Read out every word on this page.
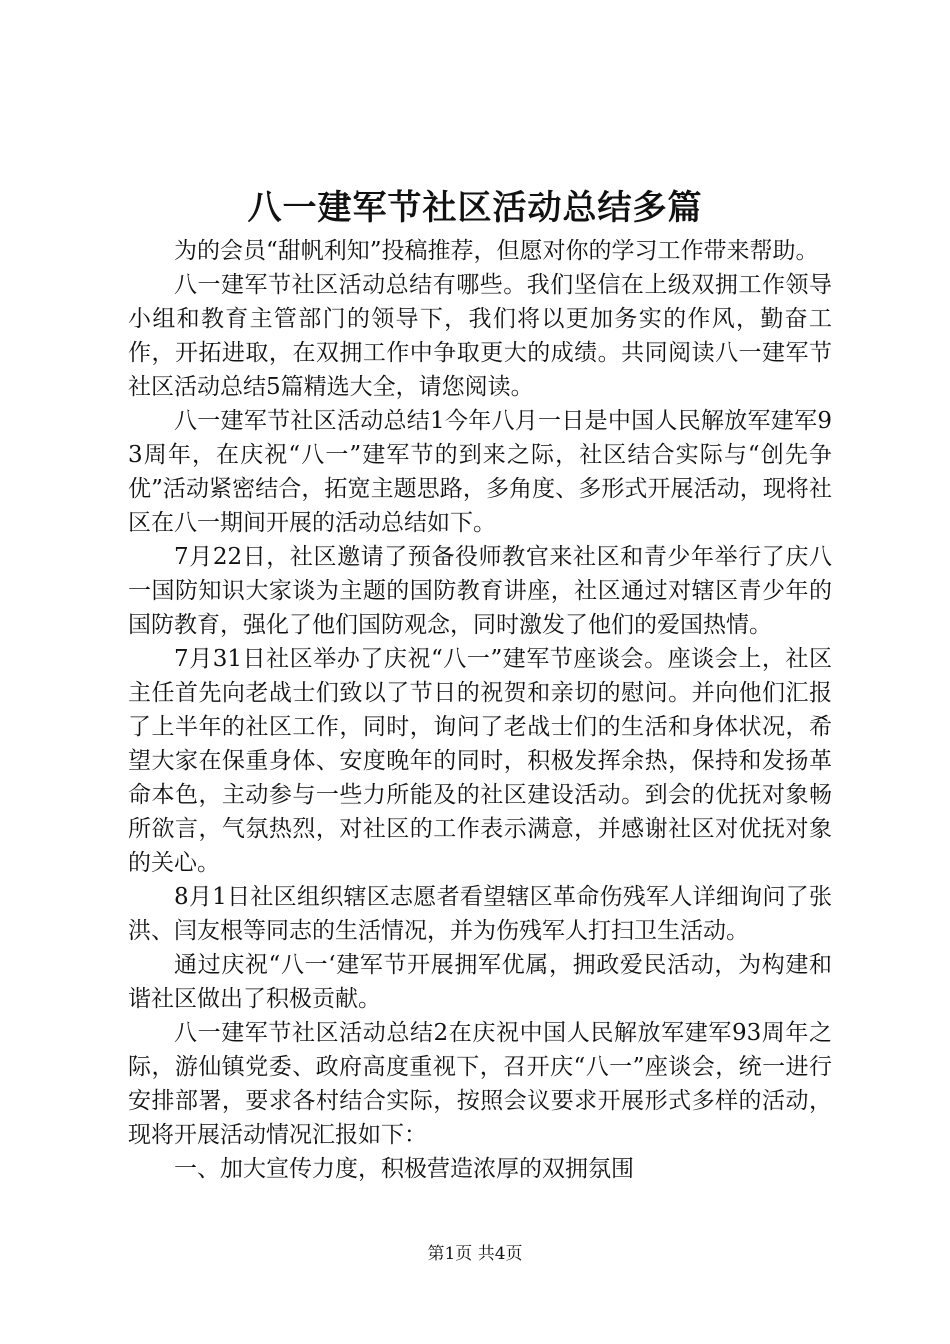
八一建军节社区活动总结多篇

为的会员“甜帆利知”投稿推荐，但愿对你的学习工作带来帮助。

八一建军节社区活动总结有哪些。我们坚信在上级双拥工作领导小组和教育主管部门的领导下，我们将以更加务实的作风，勤奋工作，开拓进取，在双拥工作中争取更大的成绩。共同阅读八一建军节社区活动总结5篇精选大全，请您阅读。

八一建军节社区活动总结1今年八月一日是中国人民解放军建军93周年，在庆祝“八一”建军节的到来之际，社区结合实际与“创先争优”活动紧密结合，拓宽主题思路，多角度、多形式开展活动，现将社区在八一期间开展的活动总结如下。

7月22日，社区邀请了预备役师教官来社区和青少年举行了庆八一国防知识大家谈为主题的国防教育讲座，社区通过对辖区青少年的国防教育，强化了他们国防观念，同时激发了他们的爱国热情。

7月31日社区举办了庆祝“八一”建军节座谈会。座谈会上，社区主任首先向老战士们致以了节日的祝贺和亲切的慰问。并向他们汇报了上半年的社区工作，同时，询问了老战士们的生活和身体状况，希望大家在保重身体、安度晚年的同时，积极发挥余热，保持和发扬革命本色，主动参与一些力所能及的社区建设活动。到会的优抚对象畅所欲言，气氛热烈，对社区的工作表示满意，并感谢社区对优抚对象的关心。

8月1日社区组织辖区志愿者看望辖区革命伤残军人详细询问了张洪、闫友根等同志的生活情况，并为伤残军人打扫卫生活动。

通过庆祝“八一‘建军节开展拥军优属，拥政爱民活动，为构建和谐社区做出了积极贡献。

八一建军节社区活动总结2在庆祝中国人民解放军建军93周年之际，游仙镇党委、政府高度重视下，召开庆“八一”座谈会，统一进行安排部署，要求各村结合实际，按照会议要求开展形式多样的活动，现将开展活动情况汇报如下：

一、加大宣传力度，积极营造浓厚的双拥氛围

第1页 共4页
